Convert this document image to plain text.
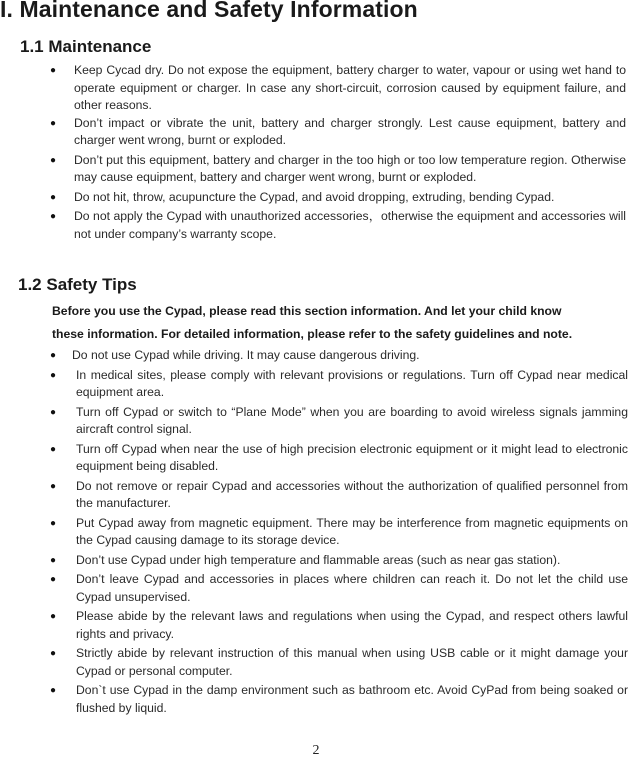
I. Maintenance and Safety Information
1.1 Maintenance
● Keep Cycad dry. Do not expose the equipment, battery charger to water, vapour or using wet hand to operate equipment or charger. In case any short-circuit, corrosion caused by equipment failure, and other reasons.
● Don’t impact or vibrate the unit, battery and charger strongly. Lest cause equipment, battery and charger went wrong, burnt or exploded.
● Don’t put this equipment, battery and charger in the too high or too low temperature region. Otherwise may cause equipment, battery and charger went wrong, burnt or exploded.
● Do not hit, throw, acupuncture the Cypad, and avoid dropping, extruding, bending Cypad.
● Do not apply the Cypad with unauthorized accessories，otherwise the equipment and accessories will not under company’s warranty scope.
1.2 Safety Tips
Before you use the Cypad, please read this section information. And let your child know
these information. For detailed information, please refer to the safety guidelines and note.
● Do not use Cypad while driving. It may cause dangerous driving.
● In medical sites, please comply with relevant provisions or regulations. Turn off Cypad near medical equipment area.
● Turn off Cypad or switch to “Plane Mode” when you are boarding to avoid wireless signals jamming aircraft control signal.
● Turn off Cypad when near the use of high precision electronic equipment or it might lead to electronic equipment being disabled.
● Do not remove or repair Cypad and accessories without the authorization of qualified personnel from the manufacturer.
● Put Cypad away from magnetic equipment. There may be interference from magnetic equipments on the Cypad causing damage to its storage device.
● Don’t use Cypad under high temperature and flammable areas (such as near gas station).
● Don’t leave Cypad and accessories in places where children can reach it. Do not let the child use Cypad unsupervised.
● Please abide by the relevant laws and regulations when using the Cypad, and respect others lawful rights and privacy.
● Strictly abide by relevant instruction of this manual when using USB cable or it might damage your Cypad or personal computer.
● Don`t use Cypad in the damp environment such as bathroom etc. Avoid CyPad from being soaked or flushed by liquid.
2
